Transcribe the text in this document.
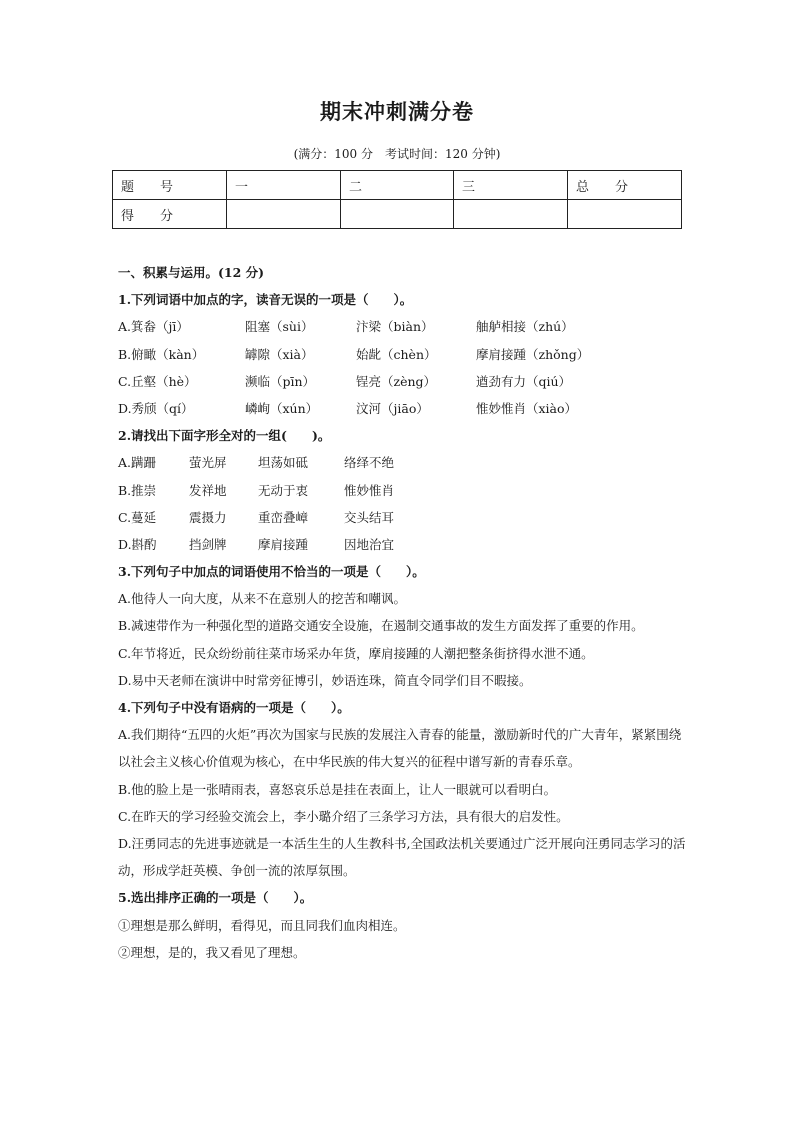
期末冲刺满分卷
(满分：100 分　考试时间：120 分钟)
题　　号	一	二	三	总　　分
得　　分				
一、积累与运用。(12 分)
1.下列词语中加点的字，读音无误的一项是（　　）。
A.箕畚（jī）	阻塞（sùi）	汴梁（biàn）	舳舻相接（zhú）
B.俯瞰（kàn）	罅隙（xià）	始龀（chèn）	摩肩接踵（zhǒng）
C.丘壑（hè）	濒临（pīn）	锃亮（zèng）	遒劲有力（qiú）
D.秀颀（qí）	嶙峋（xún）	汶河（jiāo）	惟妙惟肖（xiào）
2.请找出下面字形全对的一组(　　)。
A.蹒跚	萤光屏	坦荡如砥	络绎不绝
B.推崇	发祥地	无动于衷	惟妙惟肖
C.蔓延	震摄力	重峦叠嶂	交头结耳
D.斟酌	挡剑牌	摩肩接踵	因地治宜
3.下列句子中加点的词语使用不恰当的一项是（　　）。
A.他待人一向大度，从来不在意别人的挖苦和嘲讽。
B.减速带作为一种强化型的道路交通安全设施，在遏制交通事故的发生方面发挥了重要的作用。
C.年节将近，民众纷纷前往菜市场采办年货，摩肩接踵的人潮把整条街挤得水泄不通。
D.易中天老师在演讲中时常旁征博引，妙语连珠，简直令同学们目不暇接。
4.下列句子中没有语病的一项是（　　）。
A.我们期待“五四的火炬”再次为国家与民族的发展注入青春的能量，激励新时代的广大青年，紧紧围绕以社会主义核心价值观为核心，在中华民族的伟大复兴的征程中谱写新的青春乐章。
B.他的脸上是一张晴雨表，喜怒哀乐总是挂在表面上，让人一眼就可以看明白。
C.在昨天的学习经验交流会上，李小璐介绍了三条学习方法，具有很大的启发性。
D.汪勇同志的先进事迹就是一本活生生的人生教科书,全国政法机关要通过广泛开展向汪勇同志学习的活动，形成学赶英模、争创一流的浓厚氛围。
5.选出排序正确的一项是（　　）。
①理想是那么鲜明，看得见，而且同我们血肉相连。
②理想，是的，我又看见了理想。
